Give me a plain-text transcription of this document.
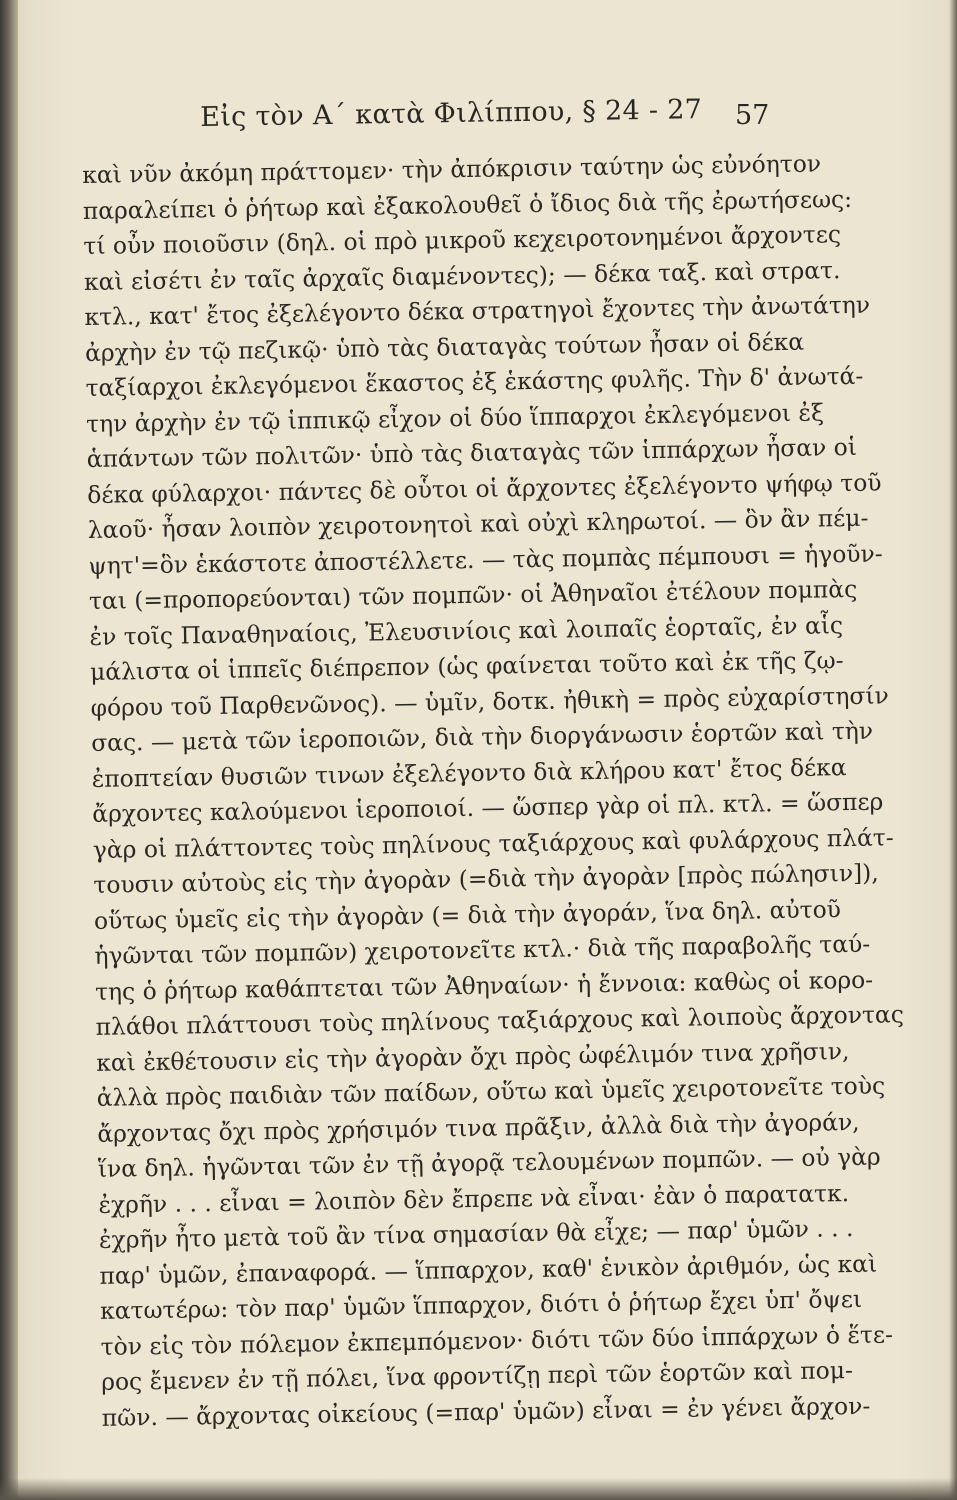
Εἰς τὸν Α´ κατὰ Φιλίππου, § 24 - 27	57
καὶ νῦν ἀκόμη πράττομεν· τὴν ἀπόκρισιν ταύτην ὡς εὐνόητον
παραλείπει ὁ ῥήτωρ καὶ ἐξακολουθεῖ ὁ ἴδιος διὰ τῆς ἐρωτήσεως:
τί οὖν ποιοῦσιν (δηλ. οἱ πρὸ μικροῦ κεχειροτονημένοι ἄρχοντες
καὶ εἰσέτι ἐν ταῖς ἀρχαῖς διαμένοντες); — δέκα ταξ. καὶ στρατ.
κτλ., κατ' ἔτος ἐξελέγοντο δέκα στρατηγοὶ ἔχοντες τὴν ἀνωτάτην
ἀρχὴν ἐν τῷ πεζικῷ· ὑπὸ τὰς διαταγὰς τούτων ἦσαν οἱ δέκα
ταξίαρχοι ἐκλεγόμενοι ἕκαστος ἐξ ἑκάστης φυλῆς. Τὴν δ' ἀνωτά-
την ἀρχὴν ἐν τῷ ἱππικῷ εἶχον οἱ δύο ἵππαρχοι ἐκλεγόμενοι ἐξ
ἁπάντων τῶν πολιτῶν· ὑπὸ τὰς διαταγὰς τῶν ἱππάρχων ἦσαν οἱ
δέκα φύλαρχοι· πάντες δὲ οὗτοι οἱ ἄρχοντες ἐξελέγοντο ψήφῳ τοῦ
λαοῦ· ἦσαν λοιπὸν χειροτονητοὶ καὶ οὐχὶ κληρωτοί. — ὃν ἂν πέμ-
ψητ'=ὃν ἑκάστοτε ἀποστέλλετε. — τὰς πομπὰς πέμπουσι = ἡγοῦν-
ται (=προπορεύονται) τῶν πομπῶν· οἱ Ἀθηναῖοι ἐτέλουν πομπὰς
ἐν τοῖς Παναθηναίοις, Ἐλευσινίοις καὶ λοιπαῖς ἑορταῖς, ἐν αἷς
μάλιστα οἱ ἱππεῖς διέπρεπον (ὡς φαίνεται τοῦτο καὶ ἐκ τῆς ζῳ-
φόρου τοῦ Παρθενῶνος). — ὑμῖν, δοτκ. ἠθικὴ = πρὸς εὐχαρίστησίν
σας. — μετὰ τῶν ἱεροποιῶν, διὰ τὴν διοργάνωσιν ἑορτῶν καὶ τὴν
ἐποπτείαν θυσιῶν τινων ἐξελέγοντο διὰ κλήρου κατ' ἔτος δέκα
ἄρχοντες καλούμενοι ἱεροποιοί. — ὥσπερ γὰρ οἱ πλ. κτλ. = ὥσπερ
γὰρ οἱ πλάττοντες τοὺς πηλίνους ταξιάρχους καὶ φυλάρχους πλάτ-
τουσιν αὐτοὺς εἰς τὴν ἀγορὰν (=διὰ τὴν ἀγορὰν [πρὸς πώλησιν]),
οὕτως ὑμεῖς εἰς τὴν ἀγορὰν (= διὰ τὴν ἀγοράν, ἵνα δηλ. αὐτοῦ
ἡγῶνται τῶν πομπῶν) χειροτονεῖτε κτλ.· διὰ τῆς παραβολῆς ταύ-
της ὁ ῥήτωρ καθάπτεται τῶν Ἀθηναίων· ἡ ἔννοια: καθὼς οἱ κορο-
πλάθοι πλάττουσι τοὺς πηλίνους ταξιάρχους καὶ λοιποὺς ἄρχοντας
καὶ ἐκθέτουσιν εἰς τὴν ἀγορὰν ὄχι πρὸς ὠφέλιμόν τινα χρῆσιν,
ἀλλὰ πρὸς παιδιὰν τῶν παίδων, οὕτω καὶ ὑμεῖς χειροτονεῖτε τοὺς
ἄρχοντας ὄχι πρὸς χρήσιμόν τινα πρᾶξιν, ἀλλὰ διὰ τὴν ἀγοράν,
ἵνα δηλ. ἡγῶνται τῶν ἐν τῇ ἀγορᾷ τελουμένων πομπῶν. — οὐ γὰρ
ἐχρῆν . . . εἶναι = λοιπὸν δὲν ἔπρεπε νὰ εἶναι· ἐὰν ὁ παρατατκ.
ἐχρῆν ἦτο μετὰ τοῦ ἂν τίνα σημασίαν θὰ εἶχε; — παρ' ὑμῶν . . .
παρ' ὑμῶν, ἐπαναφορά. — ἵππαρχον, καθ' ἑνικὸν ἀριθμόν, ὡς καὶ
κατωτέρω: τὸν παρ' ὑμῶν ἵππαρχον, διότι ὁ ῥήτωρ ἔχει ὑπ' ὄψει
τὸν εἰς τὸν πόλεμον ἐκπεμπόμενον· διότι τῶν δύο ἱππάρχων ὁ ἕτε-
ρος ἔμενεν ἐν τῇ πόλει, ἵνα φροντίζῃ περὶ τῶν ἑορτῶν καὶ πομ-
πῶν. — ἄρχοντας οἰκείους (=παρ' ὑμῶν) εἶναι = ἐν γένει ἄρχον-
